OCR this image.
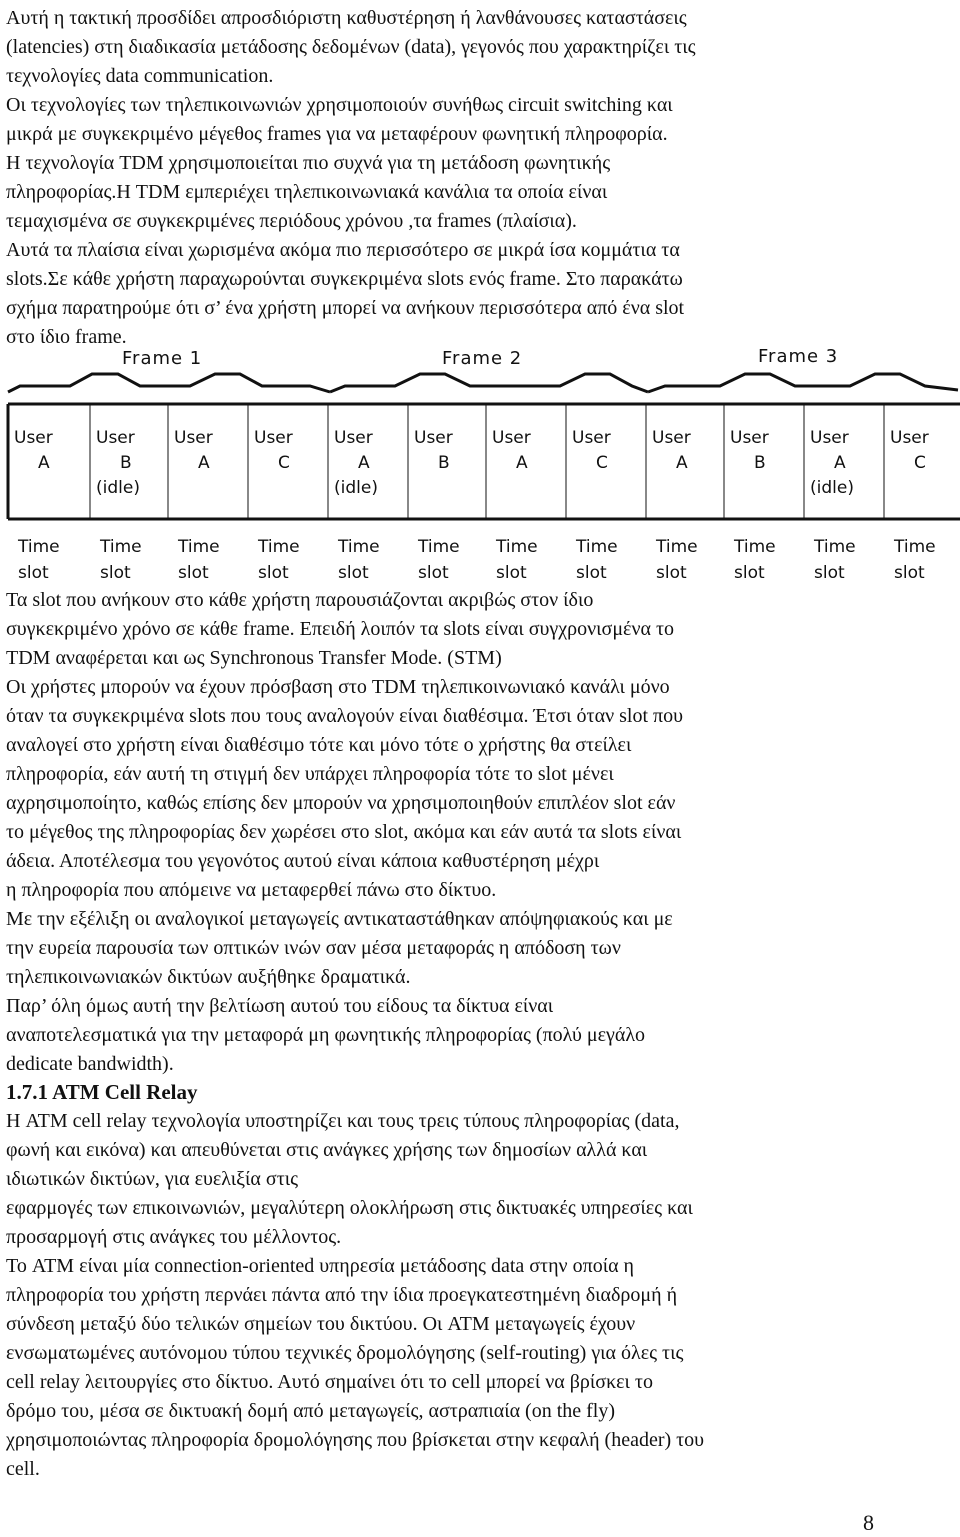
Αυτή η τακτική προσδίδει απροσδιόριστη καθυστέρηση ή λανθάνουσες καταστάσεις
(latencies) στη διαδικασία μετάδοσης δεδομένων (data), γεγονός που χαρακτηρίζει τις
τεχνολογίες data communication.
Οι τεχνολογίες των τηλεπικοινωνιών χρησιμοποιούν συνήθως circuit switching και
μικρά με συγκεκριμένο μέγεθος frames για να μεταφέρουν φωνητική πληροφορία.
Η τεχνολογία TDM χρησιμοποιείται πιο συχνά για τη μετάδοση φωνητικής
πληροφορίας.Η TDM εμπεριέχει τηλεπικοινωνιακά κανάλια τα οποία είναι
τεμαχισμένα σε συγκεκριμένες περιόδους χρόνου ,τα frames (πλαίσια).
Αυτά τα πλαίσια είναι χωρισμένα ακόμα πιο περισσότερο σε μικρά ίσα κομμάτια τα
slots.Σε κάθε χρήστη παραχωρούνται συγκεκριμένα slots ενός frame. Στο παρακάτω
σχήμα παρατηρούμε ότι σ’ ένα χρήστη μπορεί να ανήκουν περισσότερα από ένα slot
στο ίδιο frame.
Frame 1	Frame 2	Frame 3
User
A
User
B
(idle)
User
A
User
C
User
A
(idle)
User
B
User
A
User
C
User
A
User
B
User
A
(idle)
User
C
Time
slot
Time
slot
Time
slot
Time
slot
Time
slot
Time
slot
Time
slot
Time
slot
Time
slot
Time
slot
Time
slot
Time
slot
Τα slot που ανήκουν στο κάθε χρήστη παρουσιάζονται ακριβώς στον ίδιο
συγκεκριμένο χρόνο σε κάθε frame. Επειδή λοιπόν τα slots είναι συγχρονισμένα το
TDM αναφέρεται και ως Synchronous Transfer Mode. (STM)
Οι χρήστες μπορούν να έχουν πρόσβαση στο TDM τηλεπικοινωνιακό κανάλι μόνο
όταν τα συγκεκριμένα slots που τους αναλογούν είναι διαθέσιμα. Έτσι όταν slot που
αναλογεί στο χρήστη είναι διαθέσιμο τότε και μόνο τότε ο χρήστης θα στείλει
πληροφορία, εάν αυτή τη στιγμή δεν υπάρχει πληροφορία τότε το slot μένει
αχρησιμοποίητο, καθώς επίσης δεν μπορούν να χρησιμοποιηθούν επιπλέον slot εάν
το μέγεθος της πληροφορίας δεν χωρέσει στο slot, ακόμα και εάν αυτά τα slots είναι
άδεια. Αποτέλεσμα του γεγονότος αυτού είναι κάποια καθυστέρηση μέχρι
η πληροφορία που απόμεινε να μεταφερθεί πάνω στο δίκτυο.
Με την εξέλιξη οι αναλογικοί μεταγωγείς αντικαταστάθηκαν απόψηφιακούς και με
την ευρεία παρουσία των οπτικών ινών σαν μέσα μεταφοράς η απόδοση των
τηλεπικοινωνιακών δικτύων αυξήθηκε δραματικά.
Παρ’ όλη όμως αυτή την βελτίωση αυτού του είδους τα δίκτυα είναι
αναποτελεσματικά για την μεταφορά μη φωνητικής πληροφορίας (πολύ μεγάλο
dedicate bandwidth).
1.7.1 ATM Cell Relay
Η ATM cell relay τεχνολογία υποστηρίζει και τους τρεις τύπους πληροφορίας (data,
φωνή και εικόνα) και απευθύνεται στις ανάγκες χρήσης των δημοσίων αλλά και
ιδιωτικών δικτύων, για ευελιξία στις
εφαρμογές των επικοινωνιών, μεγαλύτερη ολοκλήρωση στις δικτυακές υπηρεσίες και
προσαρμογή στις ανάγκες του μέλλοντος.
Το ATM είναι μία connection-oriented υπηρεσία μετάδοσης data στην οποία η
πληροφορία του χρήστη περνάει πάντα από την ίδια προεγκατεστημένη διαδρομή ή
σύνδεση μεταξύ δύο τελικών σημείων του δικτύου. Οι ATM μεταγωγείς έχουν
ενσωματωμένες αυτόνομου τύπου τεχνικές δρομολόγησης (self-routing) για όλες τις
cell relay λειτουργίες στο δίκτυο. Αυτό σημαίνει ότι το cell μπορεί να βρίσκει το
δρόμο του, μέσα σε δικτυακή δομή από μεταγωγείς, αστραπιαία (on the fly)
χρησιμοποιώντας πληροφορία δρομολόγησης που βρίσκεται στην κεφαλή (header) του
cell.
8
